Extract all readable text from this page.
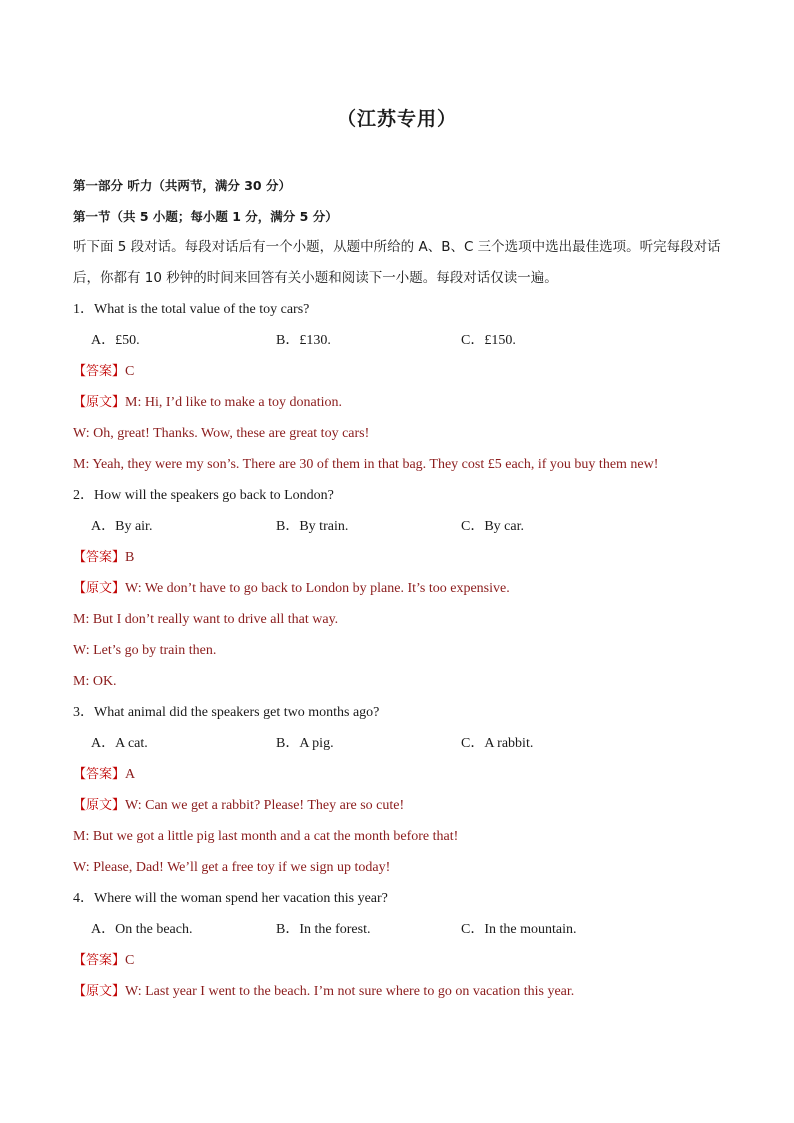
（江苏专用）
第一部分 听力（共两节，满分 30 分）
第一节（共 5 小题；每小题 1 分，满分 5 分）
听下面 5 段对话。每段对话后有一个小题，从题中所给的 A、B、C 三个选项中选出最佳选项。听完每段对话后，你都有 10 秒钟的时间来回答有关小题和阅读下一小题。每段对话仅读一遍。
1．What is the total value of the toy cars?
A．£50.	B．£130.	C．£150.
【答案】C
【原文】M: Hi, I’d like to make a toy donation.
W: Oh, great! Thanks. Wow, these are great toy cars!
M: Yeah, they were my son’s. There are 30 of them in that bag. They cost £5 each, if you buy them new!
2．How will the speakers go back to London?
A．By air.	B．By train.	C．By car.
【答案】B
【原文】W: We don’t have to go back to London by plane. It’s too expensive.
M: But I don’t really want to drive all that way.
W: Let’s go by train then.
M: OK.
3．What animal did the speakers get two months ago?
A．A cat.	B．A pig.	C．A rabbit.
【答案】A
【原文】W: Can we get a rabbit? Please! They are so cute!
M: But we got a little pig last month and a cat the month before that!
W: Please, Dad! We’ll get a free toy if we sign up today!
4．Where will the woman spend her vacation this year?
A．On the beach.	B．In the forest.	C．In the mountain.
【答案】C
【原文】W: Last year I went to the beach. I’m not sure where to go on vacation this year.
